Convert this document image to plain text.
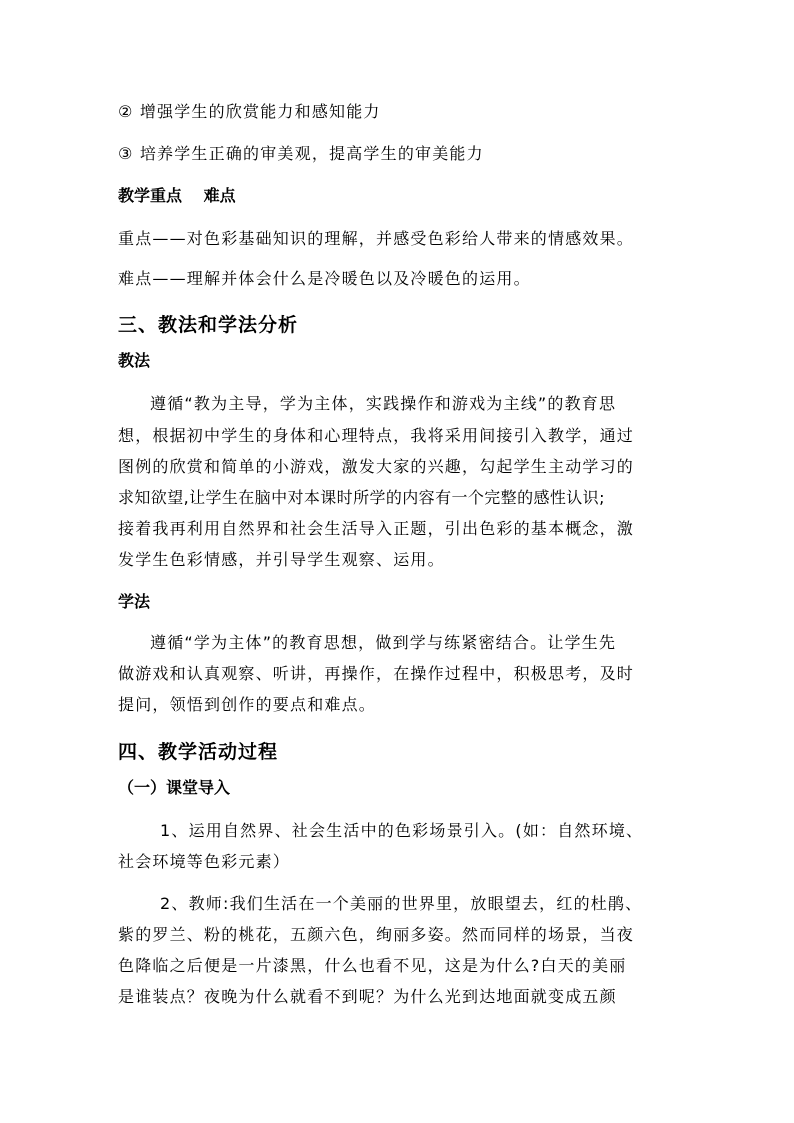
② 增强学生的欣赏能力和感知能力
③ 培养学生正确的审美观，提高学生的审美能力
教学重点　 难点
重点——对色彩基础知识的理解，并感受色彩给人带来的情感效果。
难点——理解并体会什么是冷暖色以及冷暖色的运用。
三、教法和学法分析
教法
遵循“教为主导，学为主体，实践操作和游戏为主线”的教育思
想，根据初中学生的身体和心理特点，我将采用间接引入教学，通过
图例的欣赏和简单的小游戏，激发大家的兴趣，勾起学生主动学习的
求知欲望,让学生在脑中对本课时所学的内容有一个完整的感性认识;
接着我再利用自然界和社会生活导入正题，引出色彩的基本概念，激
发学生色彩情感，并引导学生观察、运用。
学法
遵循“学为主体”的教育思想，做到学与练紧密结合。让学生先
做游戏和认真观察、听讲，再操作，在操作过程中，积极思考，及时
提问，领悟到创作的要点和难点。
四、教学活动过程
（一）课堂导入
1、运用自然界、社会生活中的色彩场景引入。(如：自然环境、
社会环境等色彩元素）
2、教师:我们生活在一个美丽的世界里，放眼望去，红的杜鹃、
紫的罗兰、粉的桃花，五颜六色，绚丽多姿。然而同样的场景，当夜
色降临之后便是一片漆黑，什么也看不见，这是为什么?白天的美丽
是谁装点？夜晚为什么就看不到呢？为什么光到达地面就变成五颜
